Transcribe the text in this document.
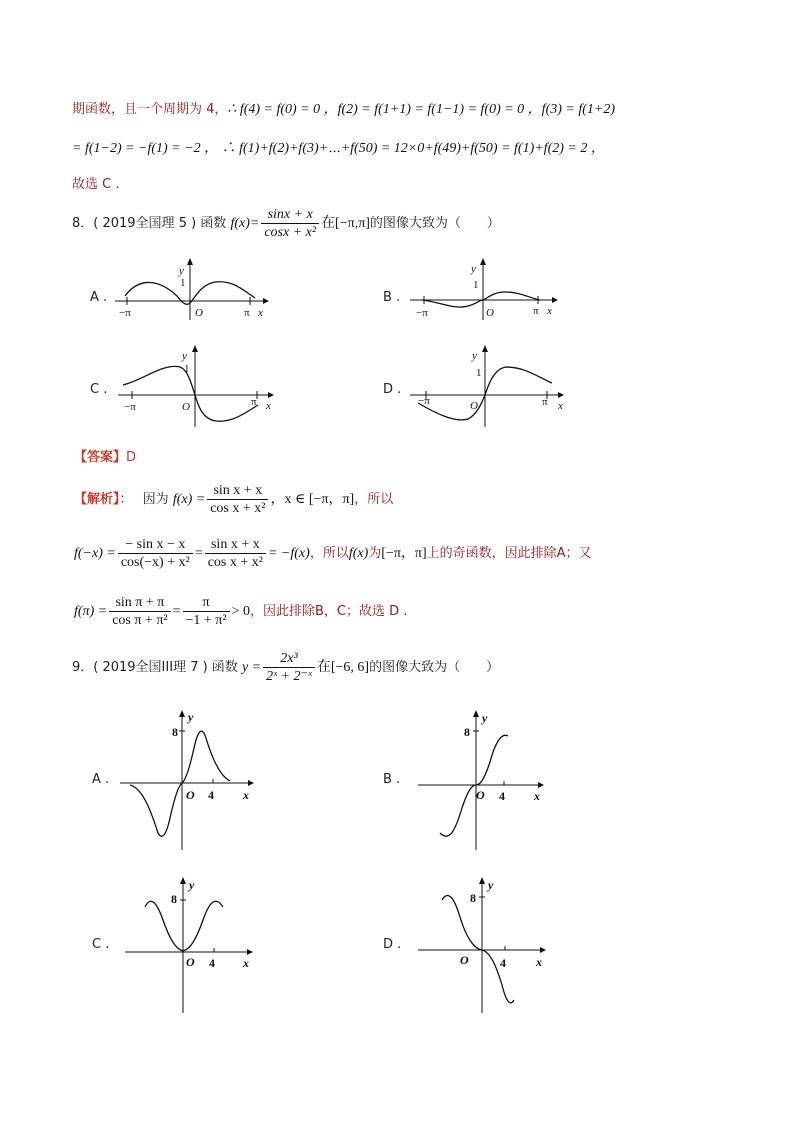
期函数，且一个周期为 4，∴ f(4) = f(0) = 0 ，f(2) = f(1+1) = f(1−1) = f(0) = 0 ，f(3) = f(1+2)
= f(1−2) = −f(1) = −2 ， ∴ f(1)+f(2)+f(3)+⋯+f(50) = 12×0+f(49)+f(50) = f(1)+f(2) = 2 ，
故选 C .
8．( 2019全国理 5 ) 函数 $f(x)= \frac{\sin x + x}{\text{cosx + x²}}$ 在[−π,π]的图像大致为（　　）
A .	B .
C .	D .
y
1
O
−π	π x
y
1
O
−π	π x
y
1
O
−π	π x
y
1
O
−π	π x
【答案】D
【解析】： 因为 $f(x) = \frac{\text{sin x + x}}{\text{cos x + x²}}$ ，x ∈ [−π，π]，所以
$f(-x) = \frac{\text{− sin x − x}}{\text{cos(−x) + x²}} = \frac{\text{sin x + x}}{\text{cos x + x²}} = -f(x)$，所以f(x)为[−π，π]上的奇函数，因此排除A；又
$f(\pi) = \frac{\text{sin π + π}}{\text{cos π + π²}} = \frac{\pi}{\text{−1 + π²}} > 0$，因此排除B，C；故选 D .
9．( 2019全国III理 7 ) 函数 $y = \frac{\text{2x³}}{\text{2ˣ + 2⁻ˣ}}$ 在[−6, 6]的图像大致为（　　）
A .	B .
C .	D .
y
8
O 4 x
y
8
O 4 x
y
8
O 4 x
y
8
O	4	x
